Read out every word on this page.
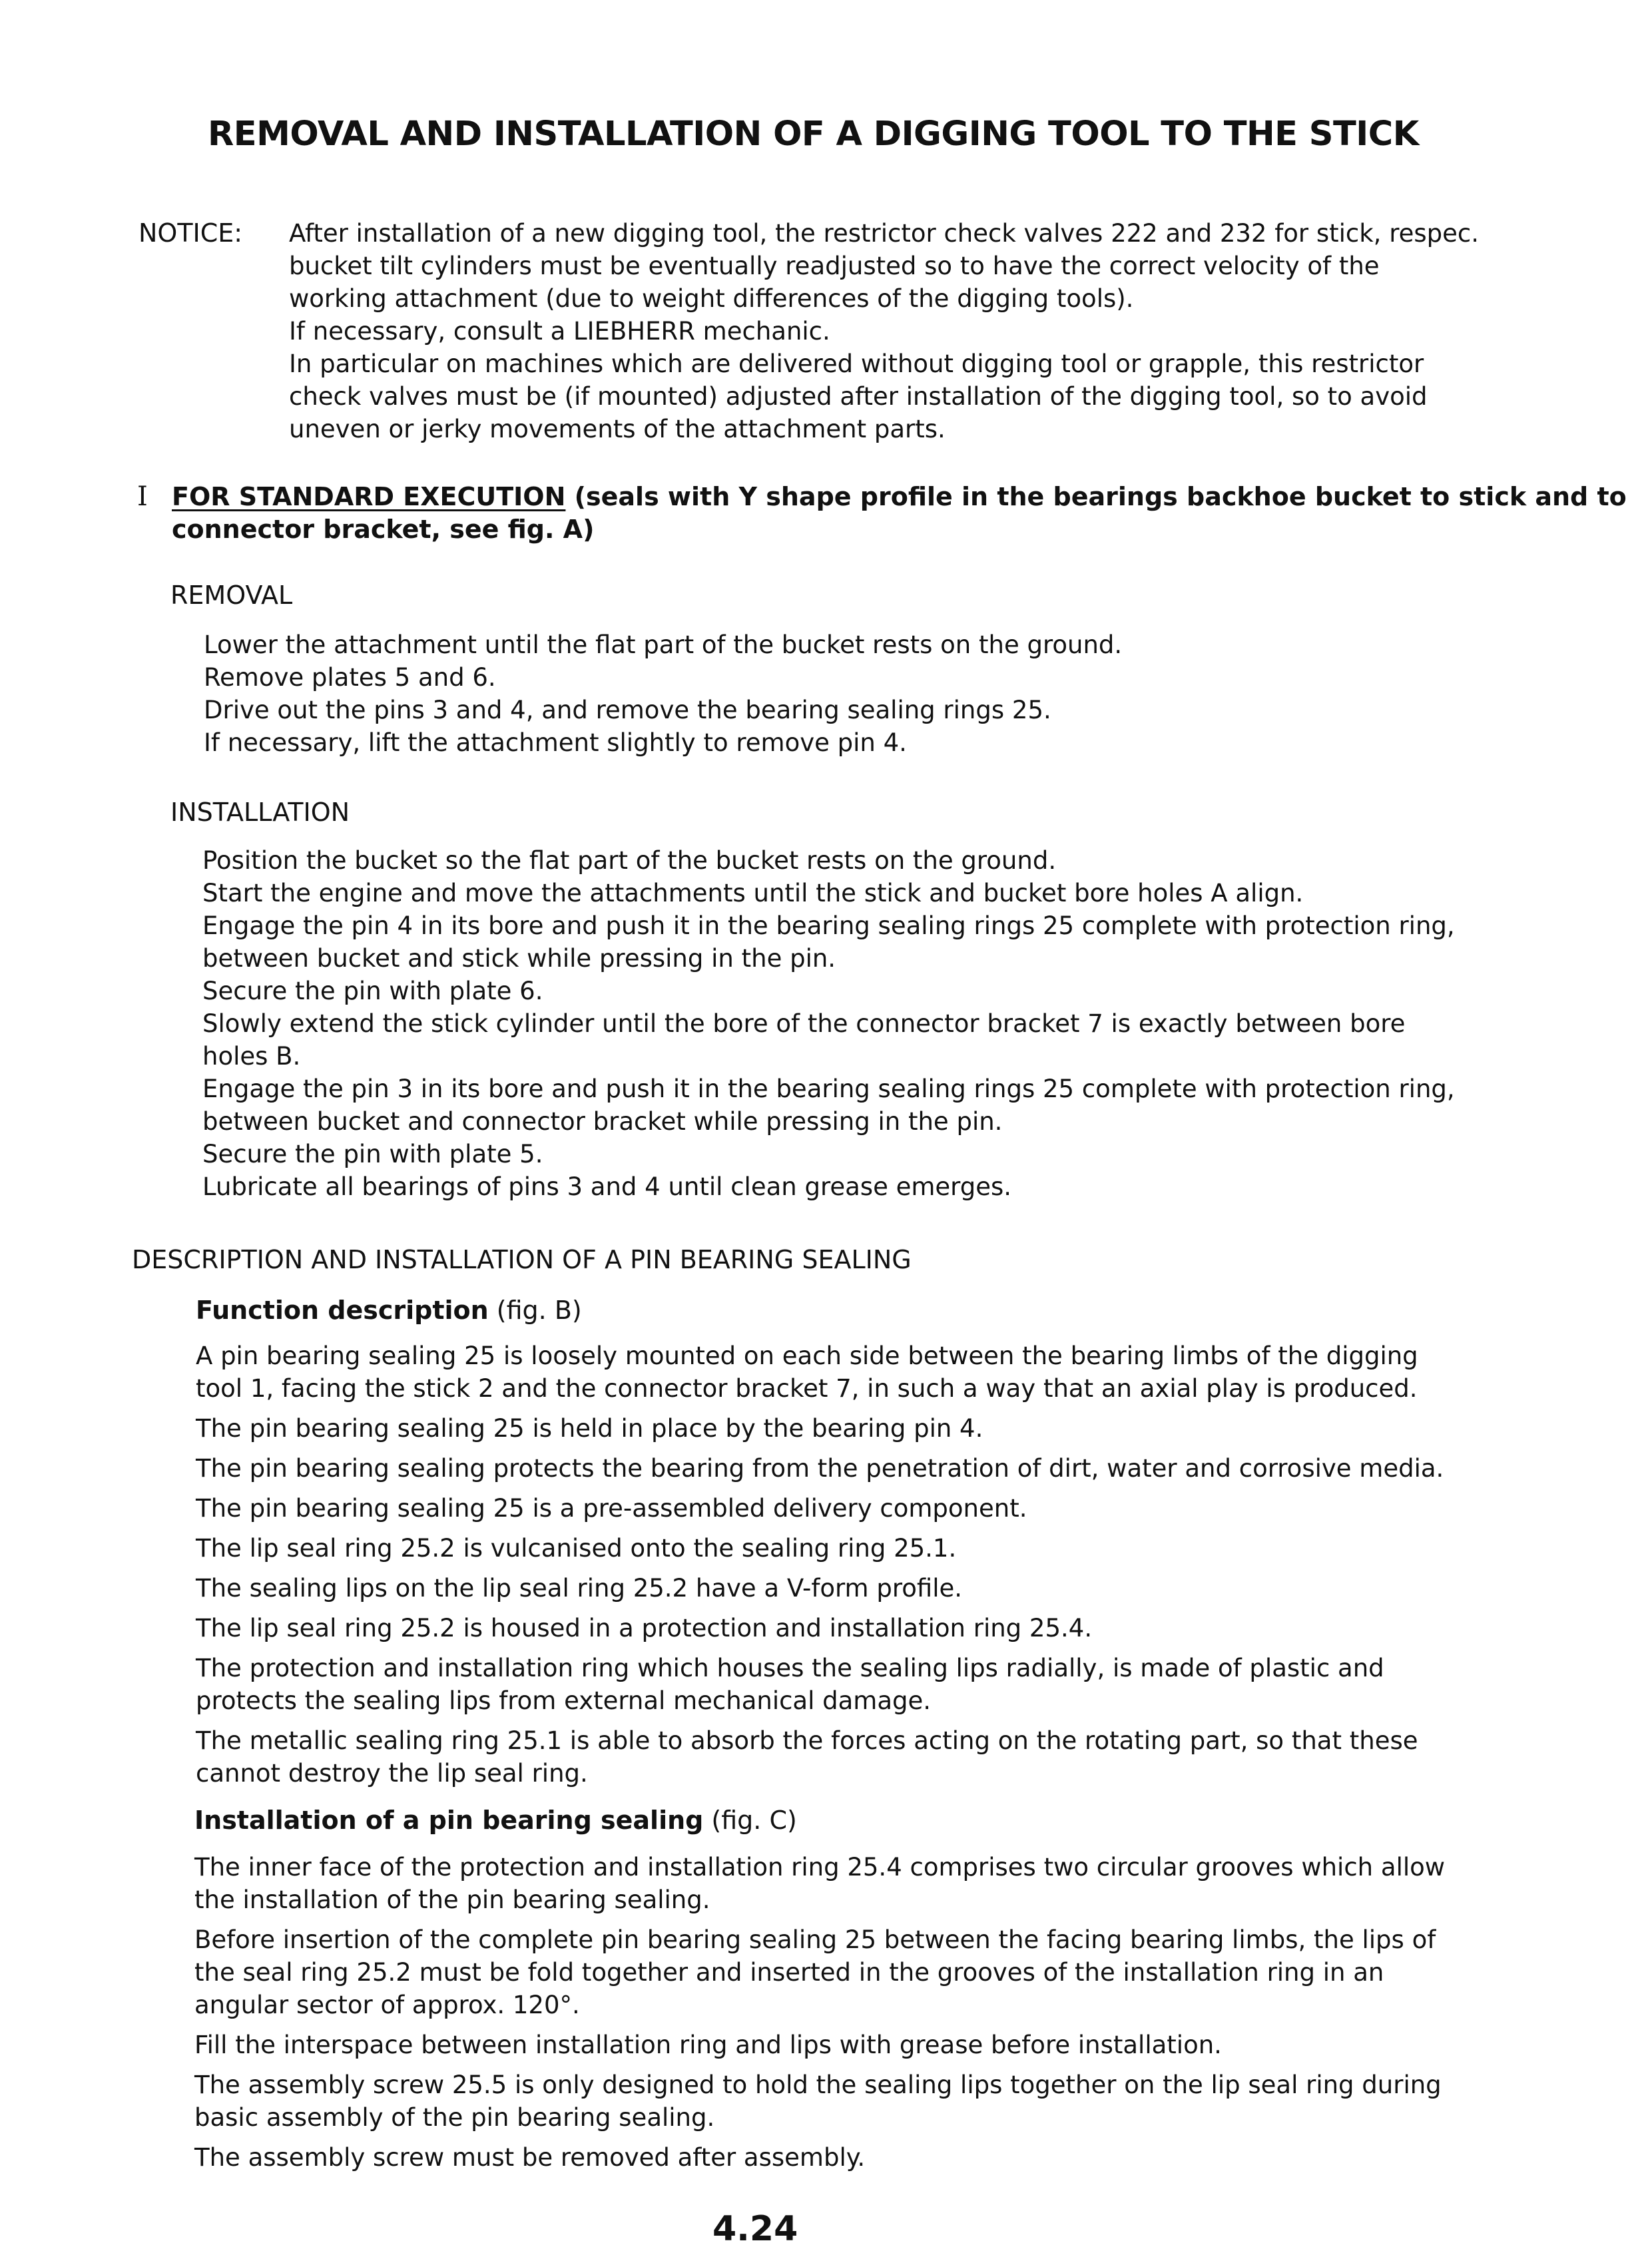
REMOVAL AND INSTALLATION OF A DIGGING TOOL TO THE STICK
NOTICE: After installation of a new digging tool, the restrictor check valves 222 and 232 for stick, respec.
bucket tilt cylinders must be eventually readjusted so to have the correct velocity of the
working attachment (due to weight differences of the digging tools).
If necessary, consult a LIEBHERR mechanic.
In particular on machines which are delivered without digging tool or grapple, this restrictor
check valves must be (if mounted) adjusted after installation of the digging tool, so to avoid
uneven or jerky movements of the attachment parts.
I FOR STANDARD EXECUTION (seals with Y shape profile in the bearings backhoe bucket to stick and to
connector bracket, see fig. A)
REMOVAL
Lower the attachment until the flat part of the bucket rests on the ground.
Remove plates 5 and 6.
Drive out the pins 3 and 4, and remove the bearing sealing rings 25.
If necessary, lift the attachment slightly to remove pin 4.
INSTALLATION
Position the bucket so the flat part of the bucket rests on the ground.
Start the engine and move the attachments until the stick and bucket bore holes A align.
Engage the pin 4 in its bore and push it in the bearing sealing rings 25 complete with protection ring,
between bucket and stick while pressing in the pin.
Secure the pin with plate 6.
Slowly extend the stick cylinder until the bore of the connector bracket 7 is exactly between bore
holes B.
Engage the pin 3 in its bore and push it in the bearing sealing rings 25 complete with protection ring,
between bucket and connector bracket while pressing in the pin.
Secure the pin with plate 5.
Lubricate all bearings of pins 3 and 4 until clean grease emerges.
DESCRIPTION AND INSTALLATION OF A PIN BEARING SEALING
Function description (fig. B)
A pin bearing sealing 25 is loosely mounted on each side between the bearing limbs of the digging
tool 1, facing the stick 2 and the connector bracket 7, in such a way that an axial play is produced.
The pin bearing sealing 25 is held in place by the bearing pin 4.
The pin bearing sealing protects the bearing from the penetration of dirt, water and corrosive media.
The pin bearing sealing 25 is a pre-assembled delivery component.
The lip seal ring 25.2 is vulcanised onto the sealing ring 25.1.
The sealing lips on the lip seal ring 25.2 have a V-form profile.
The lip seal ring 25.2 is housed in a protection and installation ring 25.4.
The protection and installation ring which houses the sealing lips radially, is made of plastic and
protects the sealing lips from external mechanical damage.
The metallic sealing ring 25.1 is able to absorb the forces acting on the rotating part, so that these
cannot destroy the lip seal ring.
Installation of a pin bearing sealing (fig. C)
The inner face of the protection and installation ring 25.4 comprises two circular grooves which allow
the installation of the pin bearing sealing.
Before insertion of the complete pin bearing sealing 25 between the facing bearing limbs, the lips of
the seal ring 25.2 must be fold together and inserted in the grooves of the installation ring in an
angular sector of approx. 120°.
Fill the interspace between installation ring and lips with grease before installation.
The assembly screw 25.5 is only designed to hold the sealing lips together on the lip seal ring during
basic assembly of the pin bearing sealing.
The assembly screw must be removed after assembly.
4.24
